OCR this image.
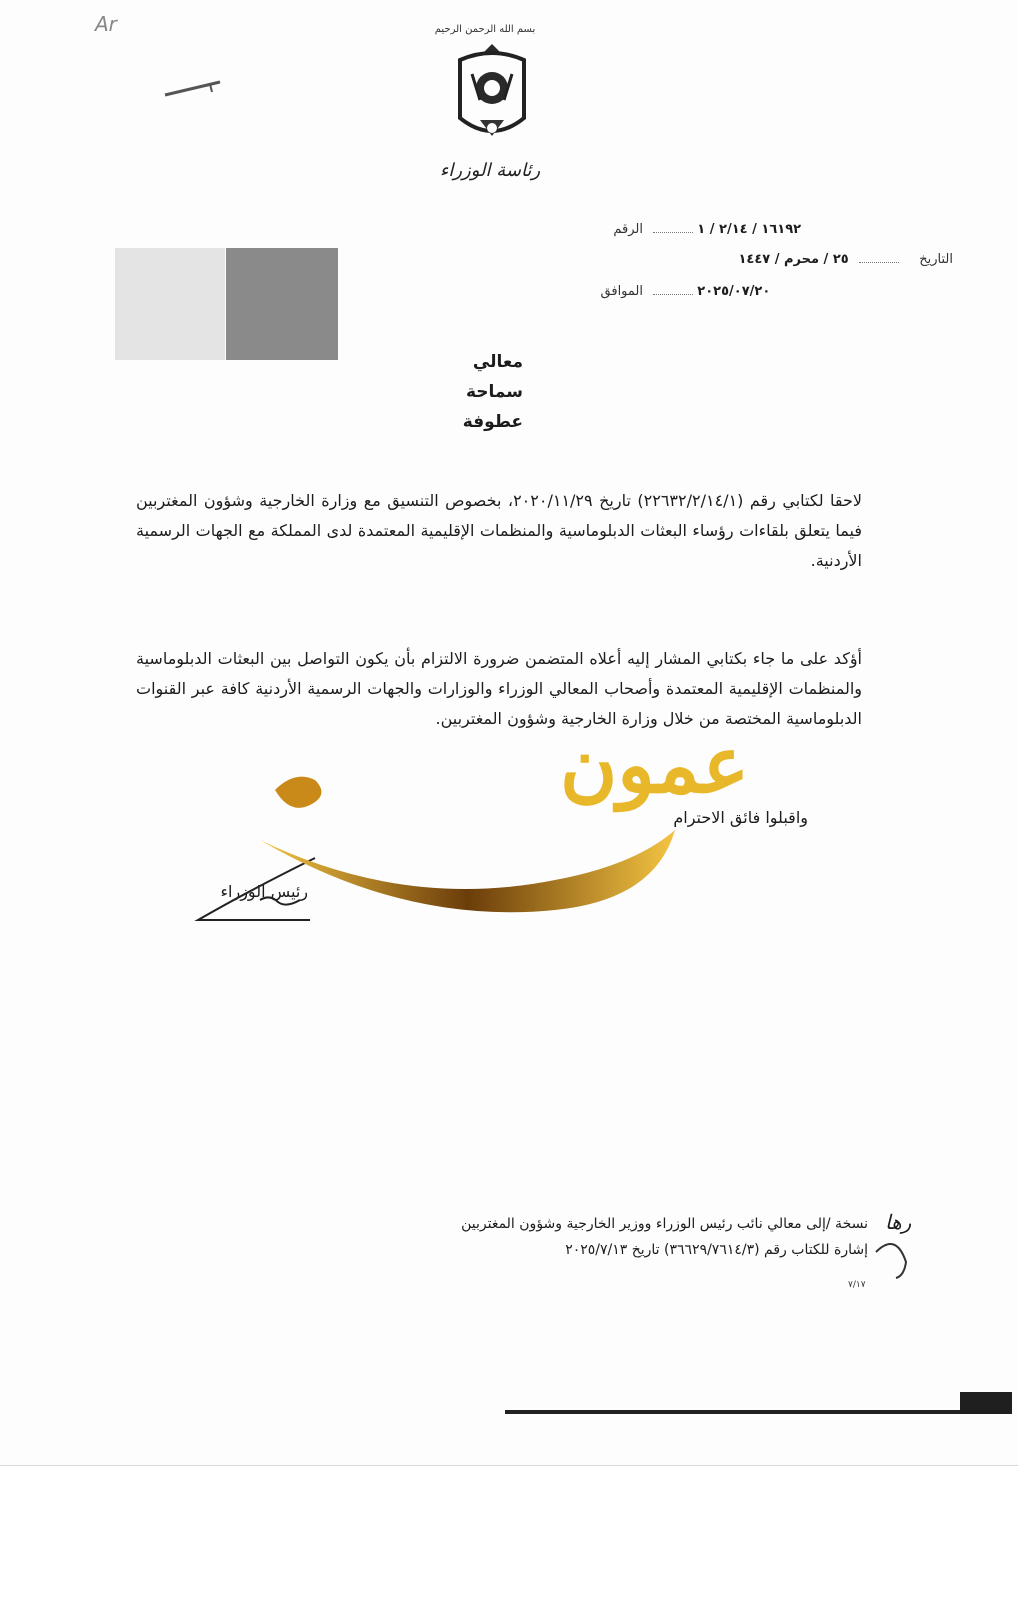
Ar	بسم الله الرحمن الرحيم
رئاسة الوزراء
الرقم	١٦١٩٢ / ٢/١٤ / ١
التاريخ  ٢٥ / محرم / ١٤٤٧
الموافق	٢٠٢٥/٠٧/٢٠
معالي
سماحة
عطوفة

لاحقا لكتابي رقم (٢٢٦٣٢/٢/١٤/١) تاريخ ٢٠٢٠/١١/٢٩، بخصوص التنسيق مع وزارة الخارجية وشؤون المغتربين فيما يتعلق بلقاءات رؤساء البعثات الدبلوماسية والمنظمات الإقليمية المعتمدة لدى المملكة مع الجهات الرسمية الأردنية.

أؤكد على ما جاء بكتابي المشار إليه أعلاه المتضمن ضرورة الالتزام بأن يكون التواصل بين البعثات الدبلوماسية والمنظمات الإقليمية المعتمدة وأصحاب المعالي الوزراء والوزارات والجهات الرسمية الأردنية كافة عبر القنوات الدبلوماسية المختصة من خلال وزارة الخارجية وشؤون المغتربين.

واقبلوا فائق الاحترام
رئيس الوزراء
عمون
رها
نسخة /إلى معالي نائب رئيس الوزراء ووزير الخارجية وشؤون المغتربين
إشارة للكتاب رقم (٣٦٦٢٩/٧٦١٤/٣) تاريخ ٢٠٢٥/٧/١٣
٧/١٧
